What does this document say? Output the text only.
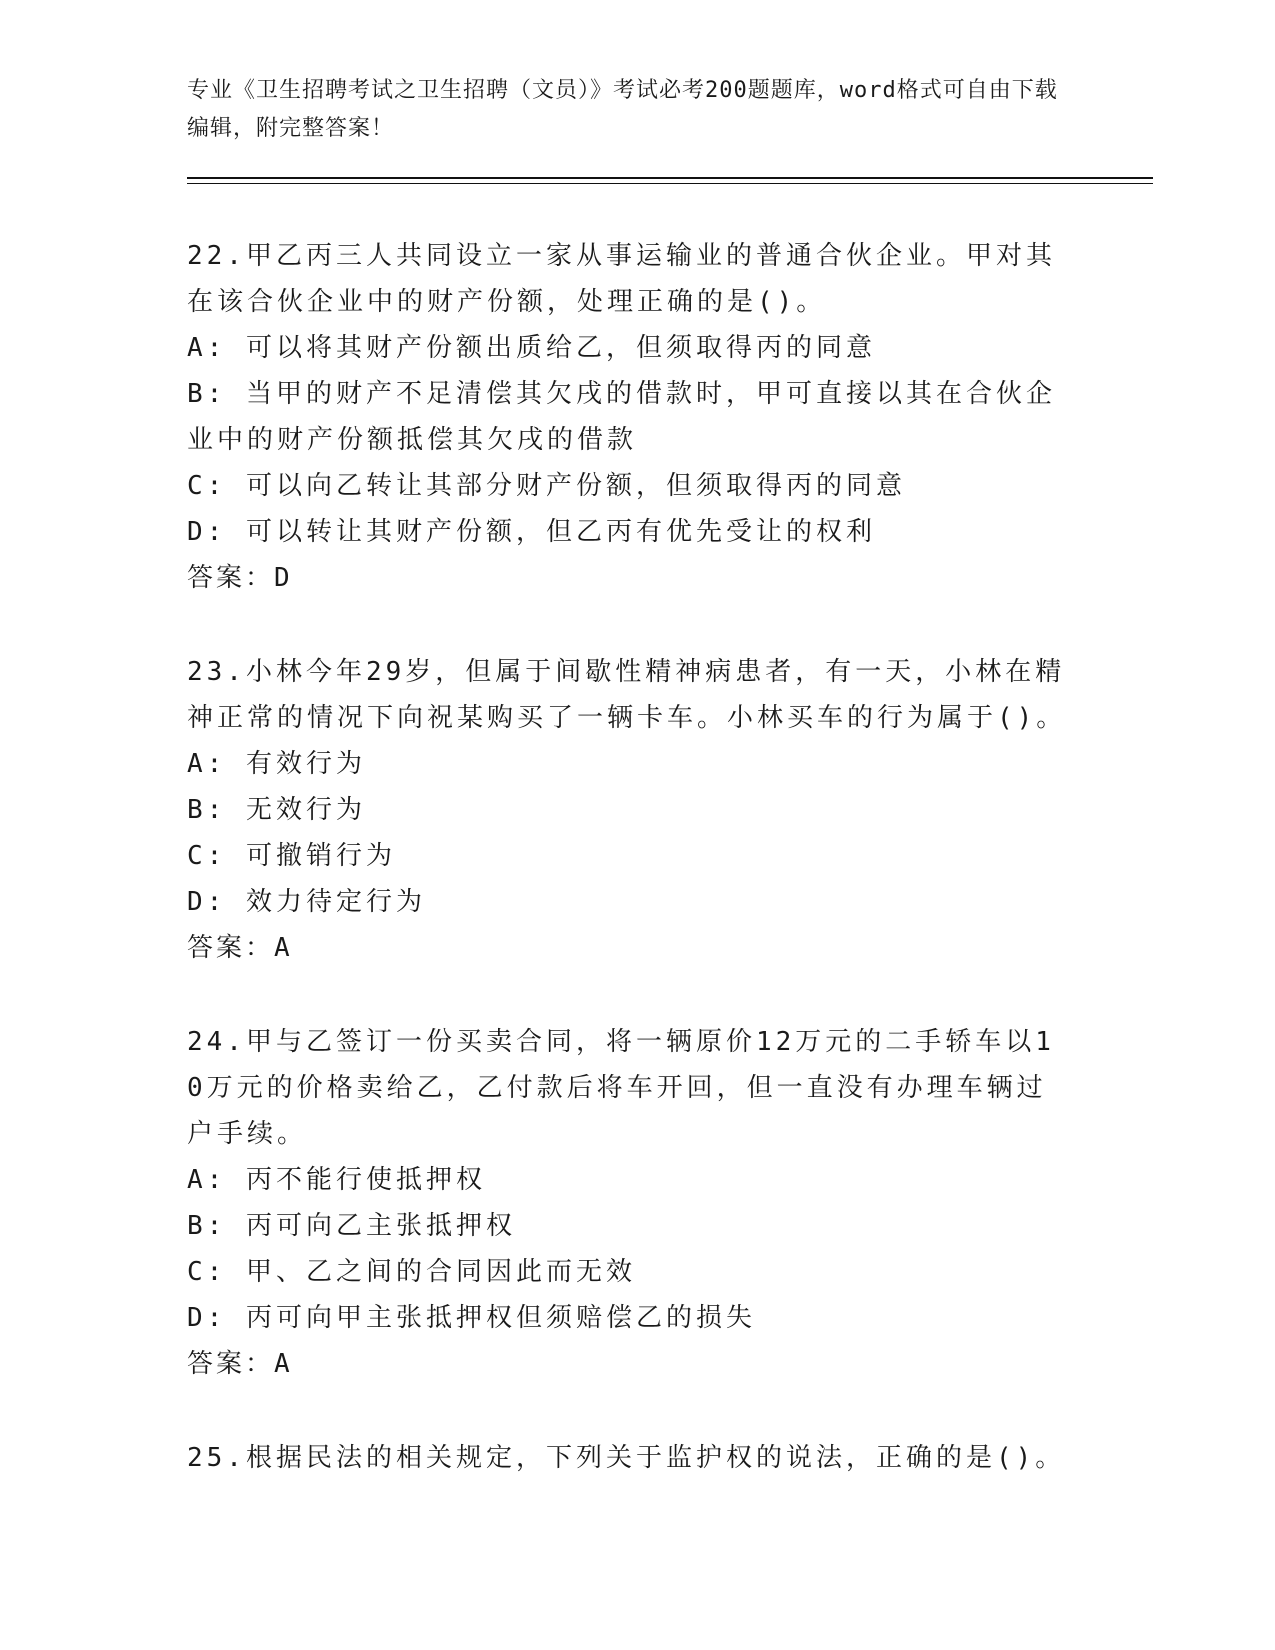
专业《卫生招聘考试之卫生招聘（文员）》考试必考200题题库，word格式可自由下载编辑，附完整答案！
22.甲乙丙三人共同设立一家从事运输业的普通合伙企业。甲对其在该合伙企业中的财产份额，处理正确的是()。
A: 可以将其财产份额出质给乙，但须取得丙的同意
B: 当甲的财产不足清偿其欠戌的借款时，甲可直接以其在合伙企业中的财产份额抵偿其欠戌的借款
C: 可以向乙转让其部分财产份额，但须取得丙的同意
D: 可以转让其财产份额，但乙丙有优先受让的权利
答案：D
23.小林今年29岁，但属于间歇性精神病患者，有一天，小林在精神正常的情况下向祝某购买了一辆卡车。小林买车的行为属于()。
A: 有效行为
B: 无效行为
C: 可撤销行为
D: 效力待定行为
答案：A
24.甲与乙签订一份买卖合同，将一辆原价12万元的二手轿车以10万元的价格卖给乙，乙付款后将车开回，但一直没有办理车辆过户手续。
A: 丙不能行使抵押权
B: 丙可向乙主张抵押权
C: 甲、乙之间的合同因此而无效
D: 丙可向甲主张抵押权但须赔偿乙的损失
答案：A
25.根据民法的相关规定，下列关于监护权的说法，正确的是()。
